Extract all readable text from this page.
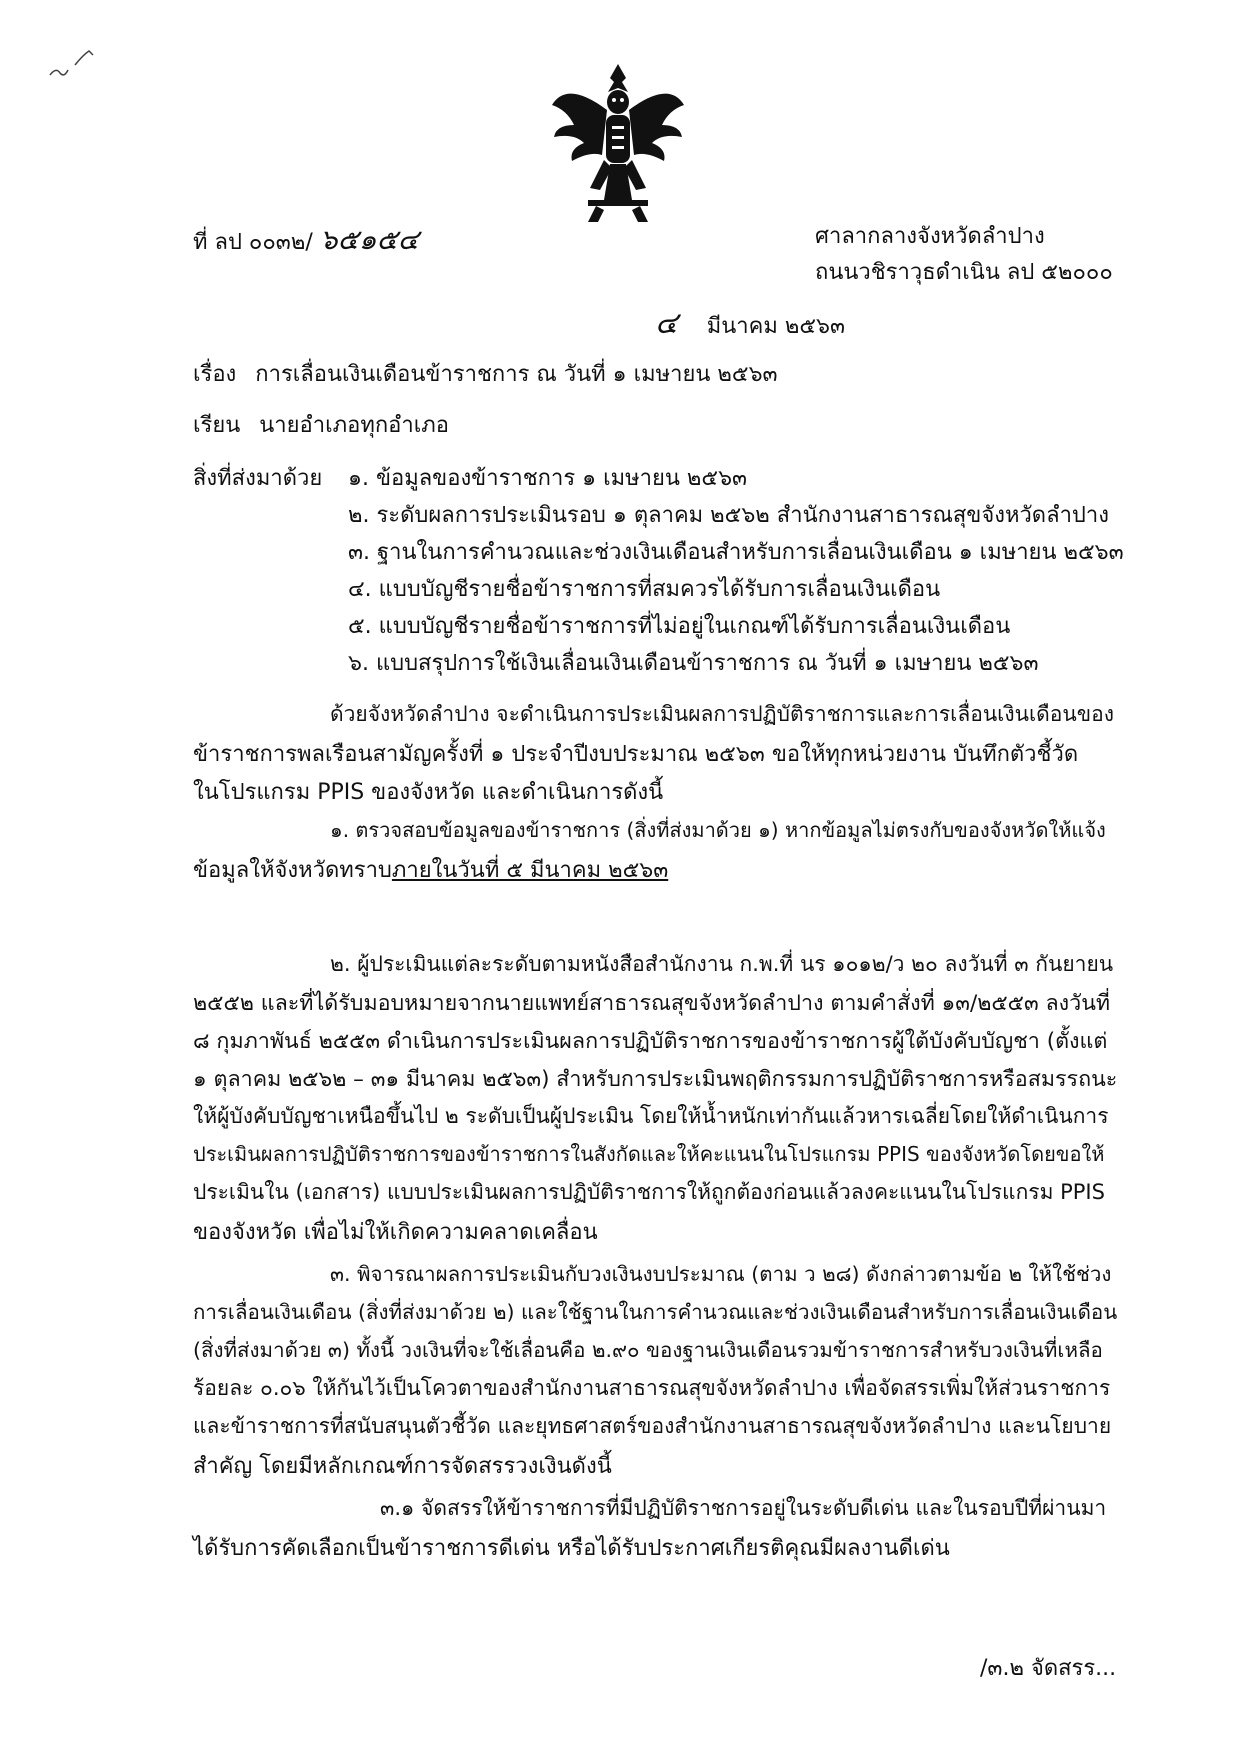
ที่ ลป ๐๐๓๒/ ๖๕๑๕๔	ศาลากลางจังหวัดลำปาง
ถนนวชิราวุธดำเนิน ลป ๕๒๐๐๐
๔ มีนาคม ๒๕๖๓
เรื่อง การเลื่อนเงินเดือนข้าราชการ ณ วันที่ ๑ เมษายน ๒๕๖๓
เรียน นายอำเภอทุกอำเภอ
สิ่งที่ส่งมาด้วย ๑. ข้อมูลของข้าราชการ ๑ เมษายน ๒๕๖๓
๒. ระดับผลการประเมินรอบ ๑ ตุลาคม ๒๕๖๒ สำนักงานสาธารณสุขจังหวัดลำปาง
๓. ฐานในการคำนวณและช่วงเงินเดือนสำหรับการเลื่อนเงินเดือน ๑ เมษายน ๒๕๖๓
๔. แบบบัญชีรายชื่อข้าราชการที่สมควรได้รับการเลื่อนเงินเดือน
๕. แบบบัญชีรายชื่อข้าราชการที่ไม่อยู่ในเกณฑ์ได้รับการเลื่อนเงินเดือน
๖. แบบสรุปการใช้เงินเลื่อนเงินเดือนข้าราชการ ณ วันที่ ๑ เมษายน ๒๕๖๓
ด้วยจังหวัดลำปาง จะดำเนินการประเมินผลการปฏิบัติราชการและการเลื่อนเงินเดือนของ
ข้าราชการพลเรือนสามัญครั้งที่ ๑ ประจำปีงบประมาณ ๒๕๖๓ ขอให้ทุกหน่วยงาน บันทึกตัวชี้วัด
ในโปรแกรม PPIS ของจังหวัด และดำเนินการดังนี้
๑. ตรวจสอบข้อมูลของข้าราชการ (สิ่งที่ส่งมาด้วย ๑) หากข้อมูลไม่ตรงกับของจังหวัดให้แจ้ง
ข้อมูลให้จังหวัดทราบภายในวันที่ ๕ มีนาคม ๒๕๖๓
๒. ผู้ประเมินแต่ละระดับตามหนังสือสำนักงาน ก.พ.ที่ นร ๑๐๑๒/ว ๒๐ ลงวันที่ ๓ กันยายน
๒๕๕๒ และที่ได้รับมอบหมายจากนายแพทย์สาธารณสุขจังหวัดลำปาง ตามคำสั่งที่ ๑๓/๒๕๕๓ ลงวันที่
๘ กุมภาพันธ์ ๒๕๕๓ ดำเนินการประเมินผลการปฏิบัติราชการของข้าราชการผู้ใต้บังคับบัญชา (ตั้งแต่
๑ ตุลาคม ๒๕๖๒ – ๓๑ มีนาคม ๒๕๖๓) สำหรับการประเมินพฤติกรรมการปฏิบัติราชการหรือสมรรถนะ
ให้ผู้บังคับบัญชาเหนือขึ้นไป ๒ ระดับเป็นผู้ประเมิน โดยให้น้ำหนักเท่ากันแล้วหารเฉลี่ยโดยให้ดำเนินการ
ประเมินผลการปฏิบัติราชการของข้าราชการในสังกัดและให้คะแนนในโปรแกรม PPIS ของจังหวัดโดยขอให้
ประเมินใน (เอกสาร) แบบประเมินผลการปฏิบัติราชการให้ถูกต้องก่อนแล้วลงคะแนนในโปรแกรม PPIS
ของจังหวัด เพื่อไม่ให้เกิดความคลาดเคลื่อน
๓. พิจารณาผลการประเมินกับวงเงินงบประมาณ (ตาม ว ๒๘) ดังกล่าวตามข้อ ๒ ให้ใช้ช่วง
การเลื่อนเงินเดือน (สิ่งที่ส่งมาด้วย ๒) และใช้ฐานในการคำนวณและช่วงเงินเดือนสำหรับการเลื่อนเงินเดือน
(สิ่งที่ส่งมาด้วย ๓) ทั้งนี้ วงเงินที่จะใช้เลื่อนคือ ๒.๙๐ ของฐานเงินเดือนรวมข้าราชการสำหรับวงเงินที่เหลือ
ร้อยละ ๐.๐๖ ให้กันไว้เป็นโควตาของสำนักงานสาธารณสุขจังหวัดลำปาง เพื่อจัดสรรเพิ่มให้ส่วนราชการ
และข้าราชการที่สนับสนุนตัวชี้วัด และยุทธศาสตร์ของสำนักงานสาธารณสุขจังหวัดลำปาง และนโยบาย
สำคัญ โดยมีหลักเกณฑ์การจัดสรรวงเงินดังนี้
๓.๑ จัดสรรให้ข้าราชการที่มีปฏิบัติราชการอยู่ในระดับดีเด่น และในรอบปีที่ผ่านมา
ได้รับการคัดเลือกเป็นข้าราชการดีเด่น หรือได้รับประกาศเกียรติคุณมีผลงานดีเด่น
/๓.๒ จัดสรร...
